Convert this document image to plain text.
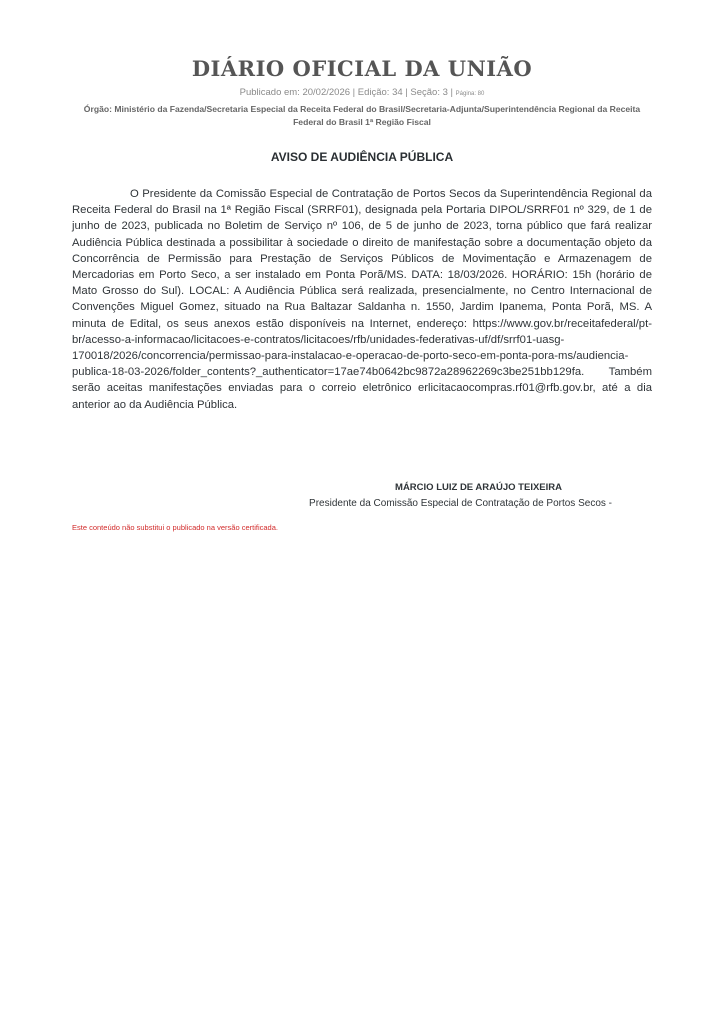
DIÁRIO OFICIAL DA UNIÃO
Publicado em: 20/02/2026 | Edição: 34 | Seção: 3 | Página: 80
Órgão: Ministério da Fazenda/Secretaria Especial da Receita Federal do Brasil/Secretaria-Adjunta/Superintendência Regional da Receita Federal do Brasil 1ª Região Fiscal
AVISO DE AUDIÊNCIA PÚBLICA
O Presidente da Comissão Especial de Contratação de Portos Secos da Superintendência Regional da Receita Federal do Brasil na 1ª Região Fiscal (SRRF01), designada pela Portaria DIPOL/SRRF01 nº 329, de 1 de junho de 2023, publicada no Boletim de Serviço nº 106, de 5 de junho de 2023, torna público que fará realizar Audiência Pública destinada a possibilitar à sociedade o direito de manifestação sobre a documentação objeto da Concorrência de Permissão para Prestação de Serviços Públicos de Movimentação e Armazenagem de Mercadorias em Porto Seco, a ser instalado em Ponta Porã/MS. DATA: 18/03/2026. HORÁRIO: 15h (horário de Mato Grosso do Sul). LOCAL: A Audiência Pública será realizada, presencialmente, no Centro Internacional de Convenções Miguel Gomez, situado na Rua Baltazar Saldanha n. 1550, Jardim Ipanema, Ponta Porã, MS. A minuta de Edital, os seus anexos estão disponíveis na Internet, endereço: https://www.gov.br/receitafederal/pt-br/acesso-a-informacao/licitacoes-e-contratos/licitacoes/rfb/unidades-federativas-uf/df/srrf01-uasg-170018/2026/concorrencia/permissao-para-instalacao-e-operacao-de-porto-seco-em-ponta-pora-ms/audiencia-publica-18-03-2026/folder_contents?_authenticator=17ae74b0642bc9872a28962269c3be251bb129fa. Também serão aceitas manifestações enviadas para o correio eletrônico erlicitacaocompras.rf01@rfb.gov.br, até a dia anterior ao da Audiência Pública.
MÁRCIO LUIZ DE ARAÚJO TEIXEIRA
Presidente da Comissão Especial de Contratação de Portos Secos -
Este conteúdo não substitui o publicado na versão certificada.
